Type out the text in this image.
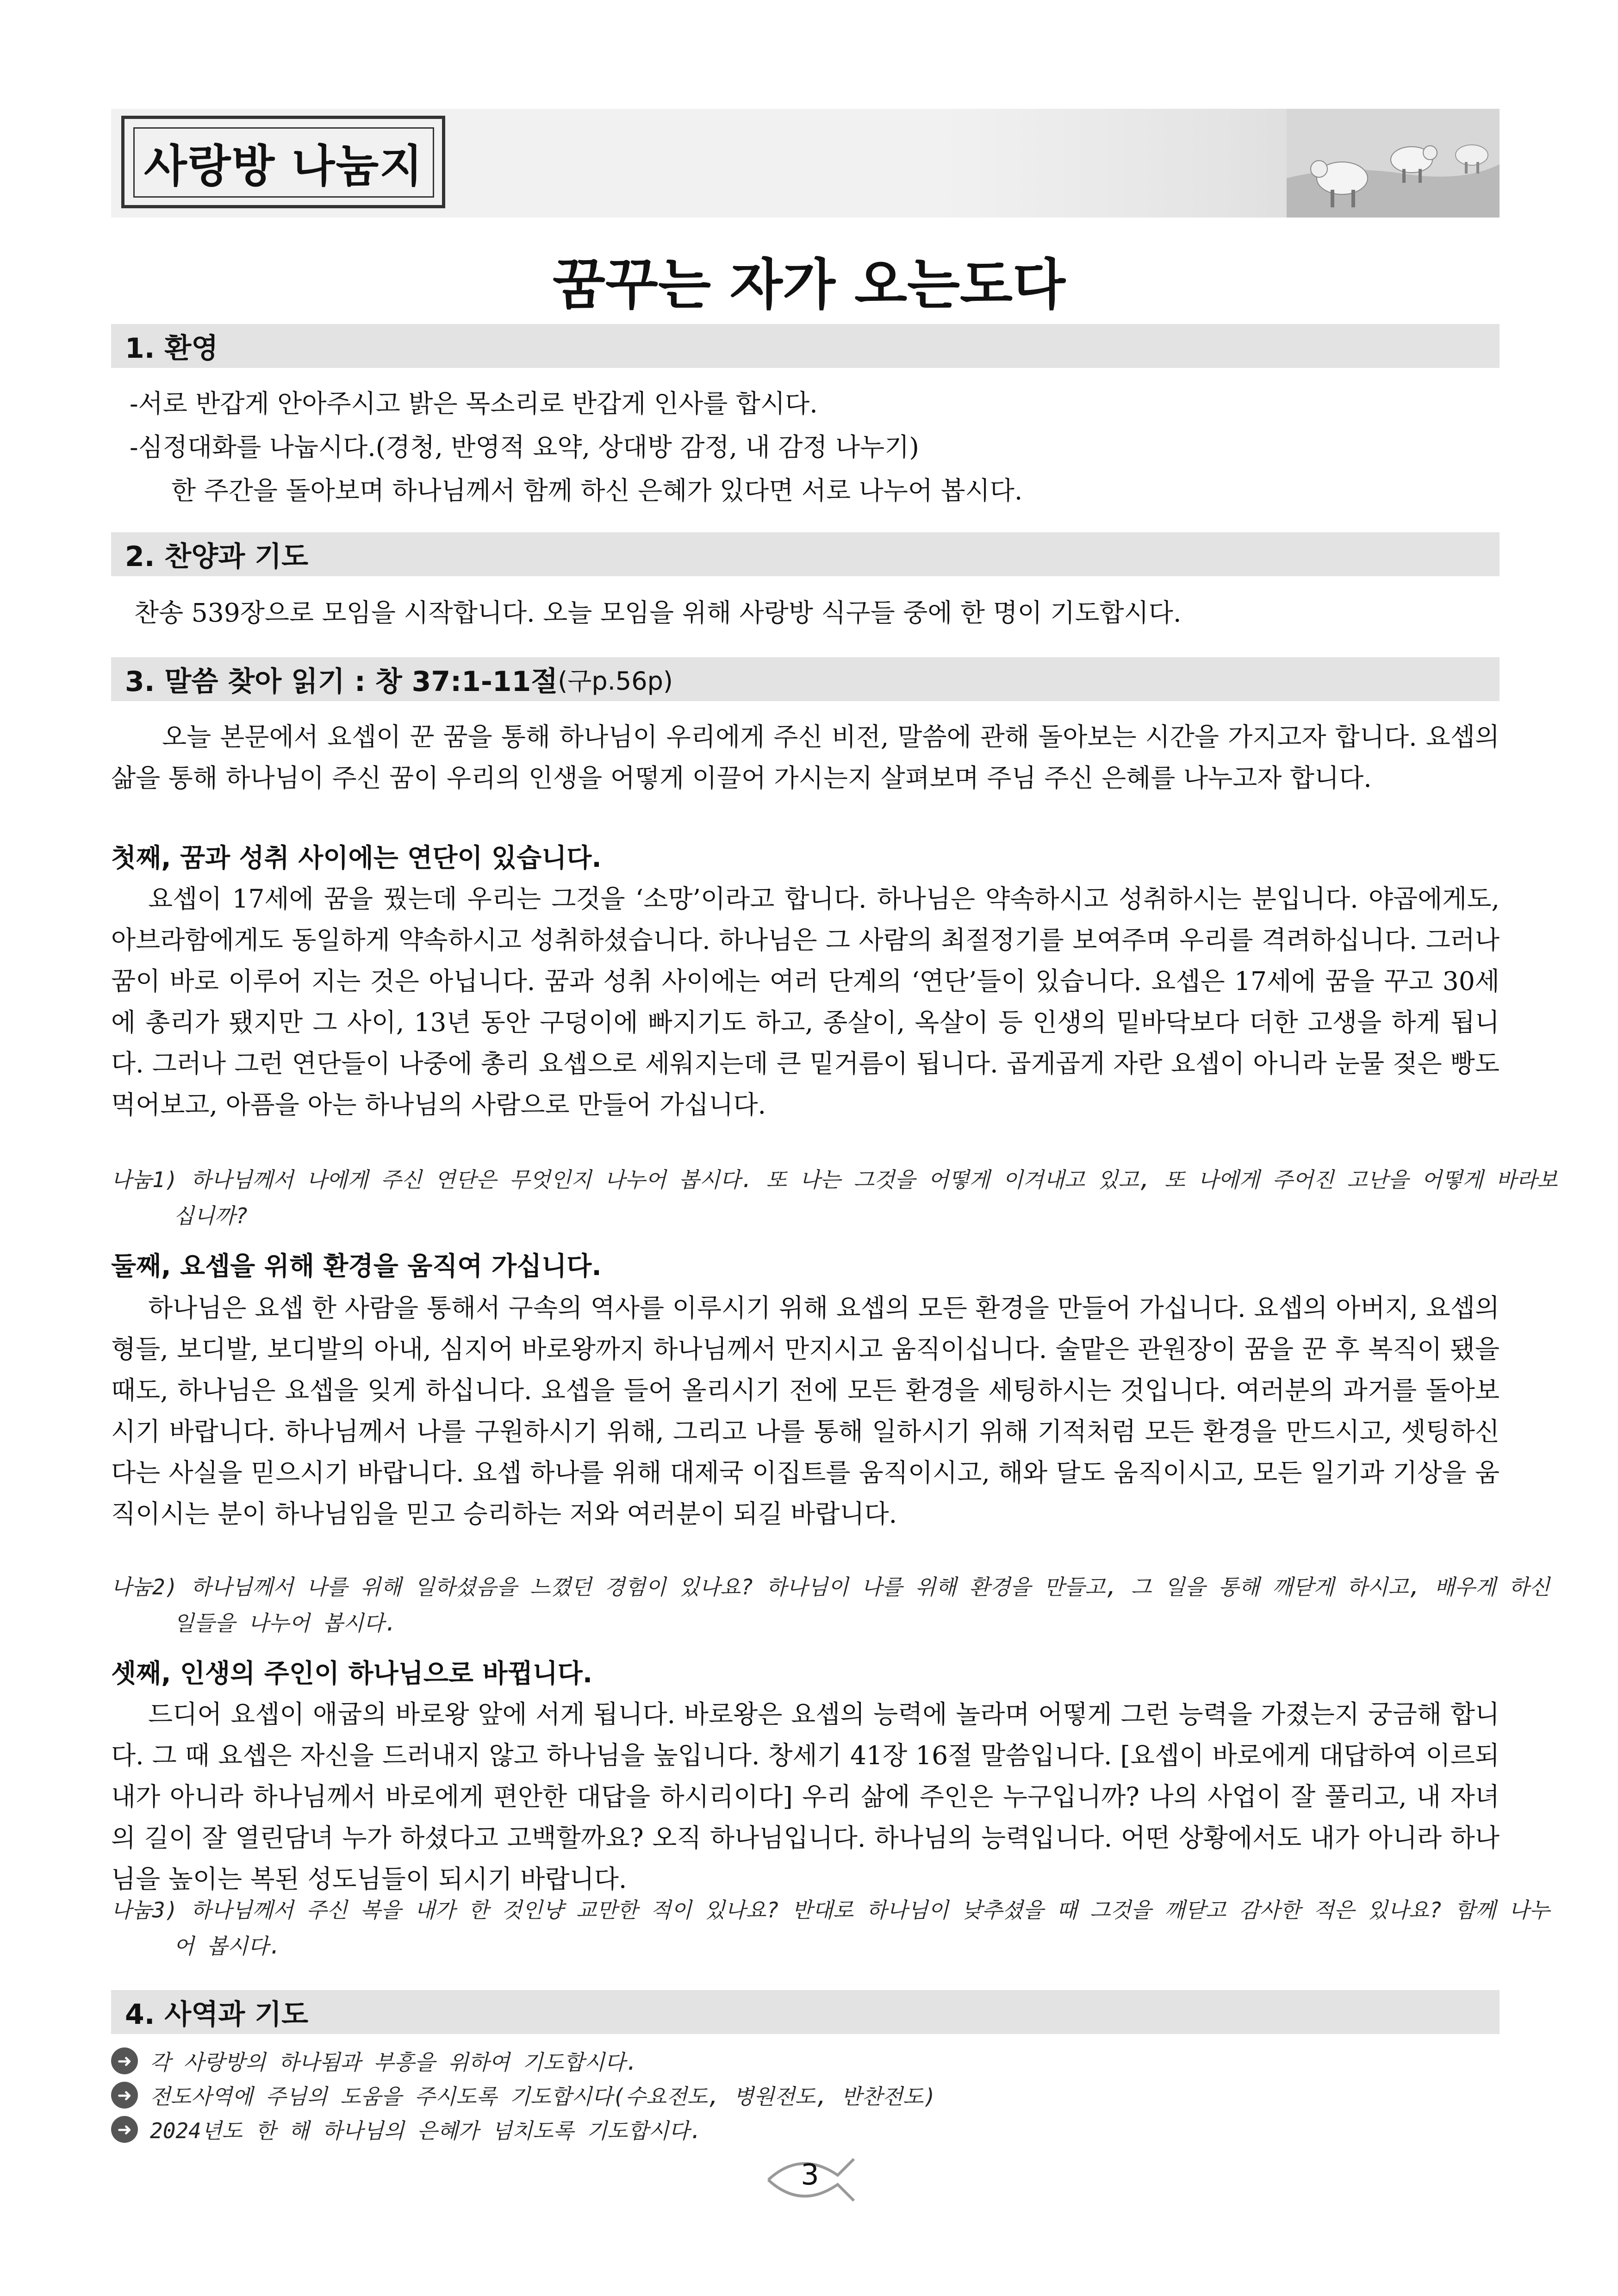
사랑방 나눔지
꿈꾸는 자가 오는도다
1. 환영
-서로 반갑게 안아주시고 밝은 목소리로 반갑게 인사를 합시다.
-심정대화를 나눕시다.(경청, 반영적 요약, 상대방 감정, 내 감정 나누기)
한 주간을 돌아보며 하나님께서 함께 하신 은혜가 있다면 서로 나누어 봅시다.
2. 찬양과 기도
찬송 539장으로 모임을 시작합니다. 오늘 모임을 위해 사랑방 식구들 중에 한 명이 기도합시다.
3. 말씀 찾아 읽기 : 창 37:1-11절 (구p.56p)
오늘 본문에서 요셉이 꾼 꿈을 통해 하나님이 우리에게 주신 비전, 말씀에 관해 돌아보는 시간을 가지고자 합니다. 요셉의 삶을 통해 하나님이 주신 꿈이 우리의 인생을 어떻게 이끌어 가시는지 살펴보며 주님 주신 은혜를 나누고자 합니다.
첫째, 꿈과 성취 사이에는 연단이 있습니다.
요셉이 17세에 꿈을 꿨는데 우리는 그것을 ‘소망’이라고 합니다. 하나님은 약속하시고 성취하시는 분입니다. 야곱에게도, 아브라함에게도 동일하게 약속하시고 성취하셨습니다. 하나님은 그 사람의 최절정기를 보여주며 우리를 격려하십니다. 그러나 꿈이 바로 이루어 지는 것은 아닙니다. 꿈과 성취 사이에는 여러 단계의 ‘연단’들이 있습니다. 요셉은 17세에 꿈을 꾸고 30세에 총리가 됐지만 그 사이, 13년 동안 구덩이에 빠지기도 하고, 종살이, 옥살이 등 인생의 밑바닥보다 더한 고생을 하게 됩니다. 그러나 그런 연단들이 나중에 총리 요셉으로 세워지는데 큰 밑거름이 됩니다. 곱게곱게 자란 요셉이 아니라 눈물 젖은 빵도 먹어보고, 아픔을 아는 하나님의 사람으로 만들어 가십니다.
나눔1) 하나님께서 나에게 주신 연단은 무엇인지 나누어 봅시다. 또 나는 그것을 어떻게 이겨내고 있고, 또 나에게 주어진 고난을 어떻게 바라보십니까?
둘째, 요셉을 위해 환경을 움직여 가십니다.
하나님은 요셉 한 사람을 통해서 구속의 역사를 이루시기 위해 요셉의 모든 환경을 만들어 가십니다. 요셉의 아버지, 요셉의 형들, 보디발, 보디발의 아내, 심지어 바로왕까지 하나님께서 만지시고 움직이십니다. 술맡은 관원장이 꿈을 꾼 후 복직이 됐을 때도, 하나님은 요셉을 잊게 하십니다. 요셉을 들어 올리시기 전에 모든 환경을 세팅하시는 것입니다. 여러분의 과거를 돌아보시기 바랍니다. 하나님께서 나를 구원하시기 위해, 그리고 나를 통해 일하시기 위해 기적처럼 모든 환경을 만드시고, 셋팅하신다는 사실을 믿으시기 바랍니다. 요셉 하나를 위해 대제국 이집트를 움직이시고, 해와 달도 움직이시고, 모든 일기과 기상을 움직이시는 분이 하나님임을 믿고 승리하는 저와 여러분이 되길 바랍니다.
나눔2) 하나님께서 나를 위해 일하셨음을 느꼈던 경험이 있나요? 하나님이 나를 위해 환경을 만들고, 그 일을 통해 깨닫게 하시고, 배우게 하신 일들을 나누어 봅시다.
셋째, 인생의 주인이 하나님으로 바뀝니다.
드디어 요셉이 애굽의 바로왕 앞에 서게 됩니다. 바로왕은 요셉의 능력에 놀라며 어떻게 그런 능력을 가졌는지 궁금해 합니다. 그 때 요셉은 자신을 드러내지 않고 하나님을 높입니다. 창세기 41장 16절 말씀입니다. [요셉이 바로에게 대답하여 이르되 내가 아니라 하나님께서 바로에게 편안한 대답을 하시리이다] 우리 삶에 주인은 누구입니까? 나의 사업이 잘 풀리고, 내 자녀의 길이 잘 열린담녀 누가 하셨다고 고백할까요? 오직 하나님입니다. 하나님의 능력입니다. 어떤 상황에서도 내가 아니라 하나님을 높이는 복된 성도님들이 되시기 바랍니다.
나눔3) 하나님께서 주신 복을 내가 한 것인냥 교만한 적이 있나요? 반대로 하나님이 낮추셨을 때 그것을 깨닫고 감사한 적은 있나요? 함께 나누어 봅시다.
4. 사역과 기도
➜ 각 사랑방의 하나됨과 부흥을 위하여 기도합시다.
➜ 전도사역에 주님의 도움을 주시도록 기도합시다(수요전도, 병원전도, 반찬전도)
➜ 2024년도 한 해 하나님의 은혜가 넘치도록 기도합시다.
3
